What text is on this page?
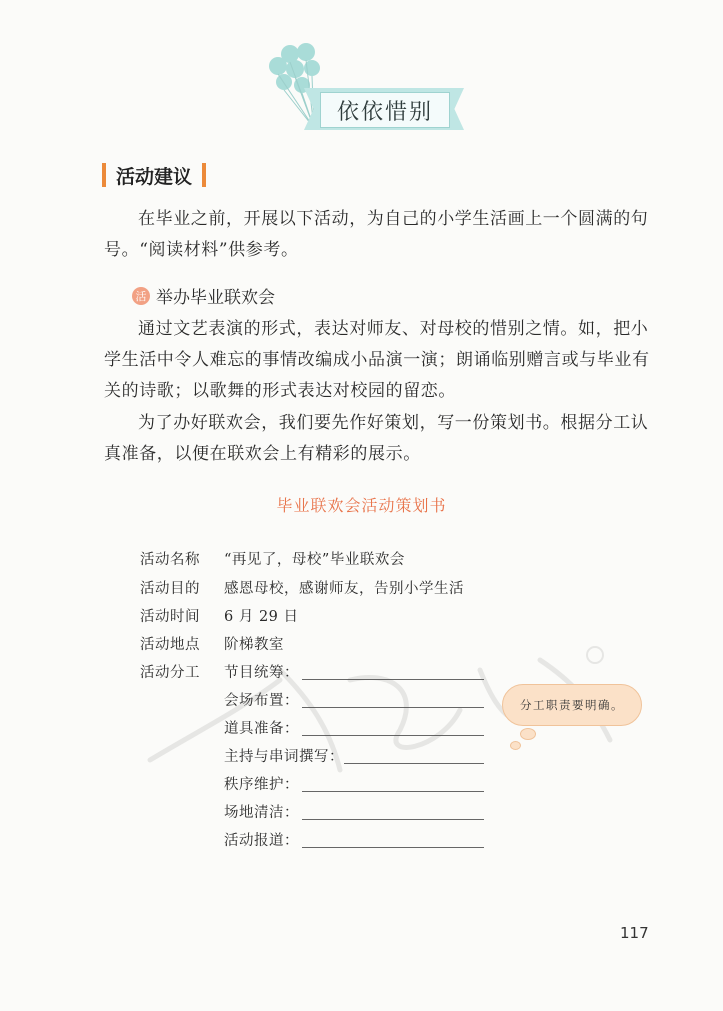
依依惜别
活动建议

在毕业之前，开展以下活动，为自己的小学生活画上一个圆满的句号。“阅读材料”供参考。

活 举办毕业联欢会

通过文艺表演的形式，表达对师友、对母校的惜别之情。如，把小学生活中令人难忘的事情改编成小品演一演；朗诵临别赠言或与毕业有关的诗歌；以歌舞的形式表达对校园的留恋。

为了办好联欢会，我们要先作好策划，写一份策划书。根据分工认真准备，以便在联欢会上有精彩的展示。

毕业联欢会活动策划书
活动名称	“再见了，母校”毕业联欢会
活动目的	感恩母校，感谢师友，告别小学生活
活动时间	6 月 29 日
活动地点	阶梯教室
活动分工	节目统筹：
会场布置：
道具准备：
主持与串词撰写：
秩序维护：
场地清洁：
活动报道：
分工职责要明确。
117
